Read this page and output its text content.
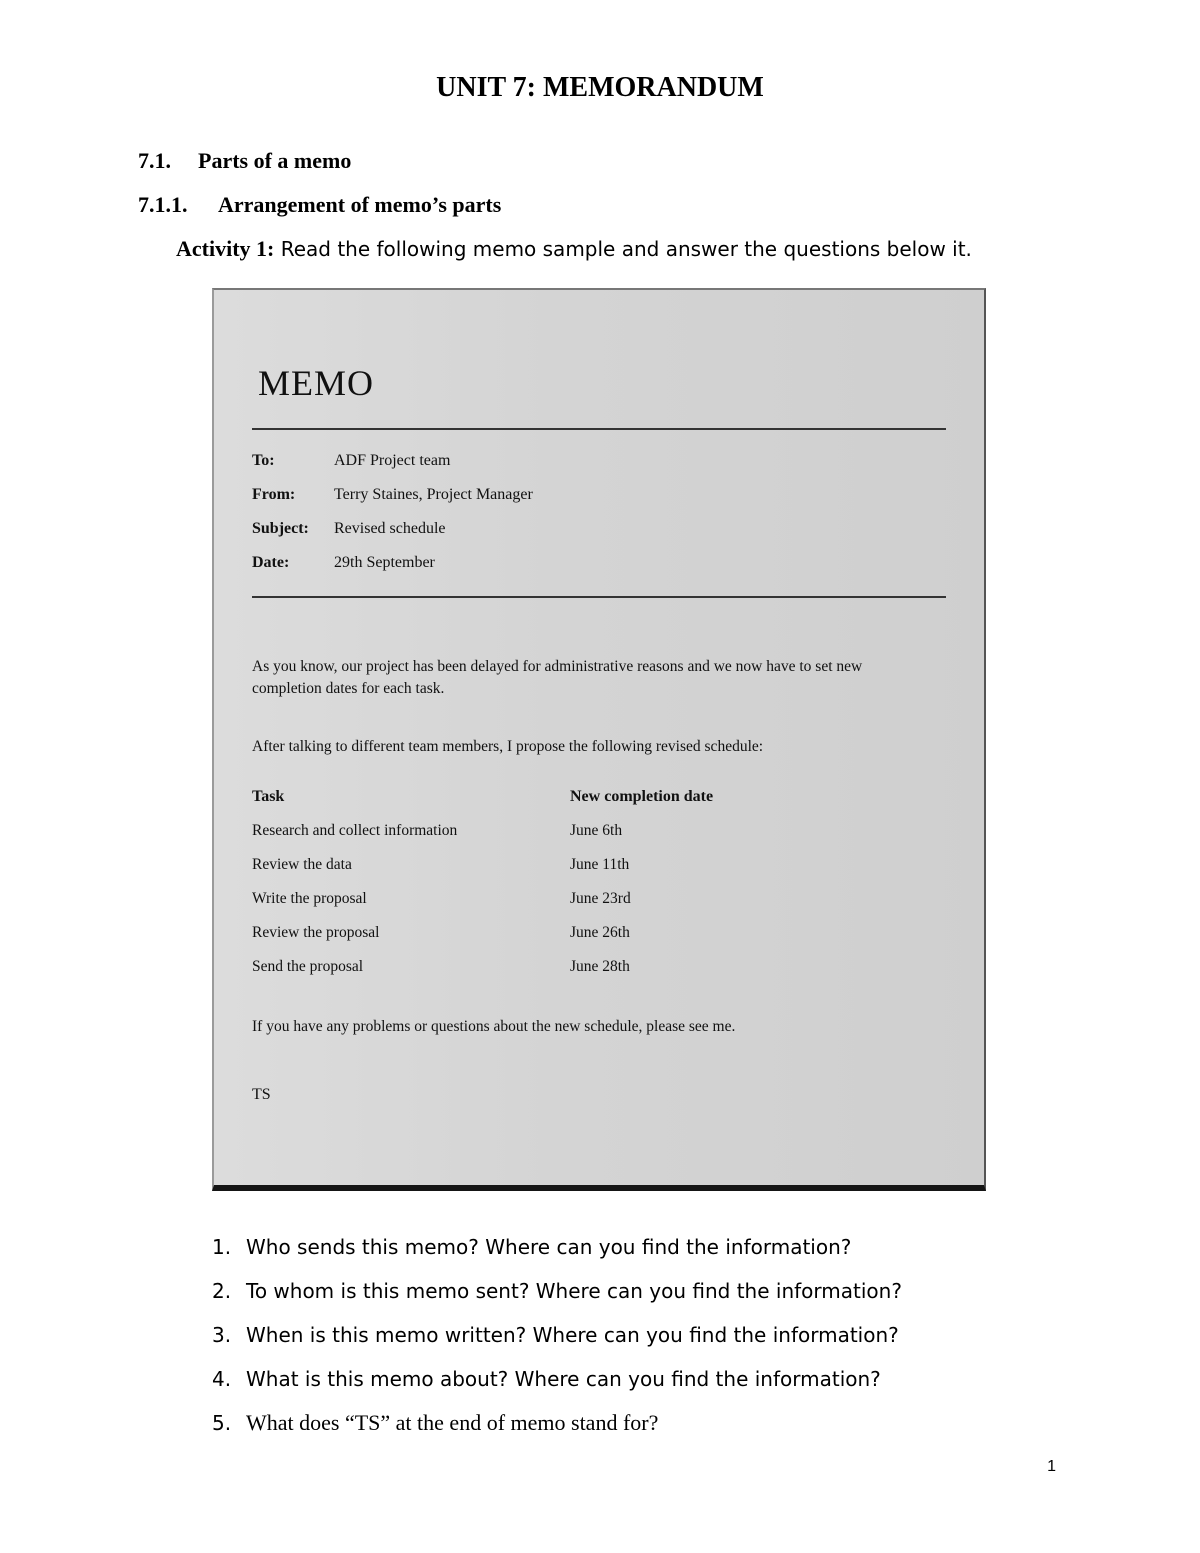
UNIT 7: MEMORANDUM
7.1. Parts of a memo
7.1.1. Arrangement of memo’s parts

Activity 1: Read the following memo sample and answer the questions below it.

MEMO
To:	ADF Project team
From: Terry Staines, Project Manager
Subject: Revised schedule
Date:	29th September

As you know, our project has been delayed for administrative reasons and we now have to set new completion dates for each task.

After talking to different team members, I propose the following revised schedule:

Task	New completion date
Research and collect information	June 6th
Review the data	June 11th
Write the proposal	June 23rd
Review the proposal	June 26th
Send the proposal	June 28th

If you have any problems or questions about the new schedule, please see me.

TS
1. Who sends this memo? Where can you find the information?
2. To whom is this memo sent? Where can you find the information?
3. When is this memo written? Where can you find the information?
4. What is this memo about? Where can you find the information?
5. What does “TS” at the end of memo stand for?
1
